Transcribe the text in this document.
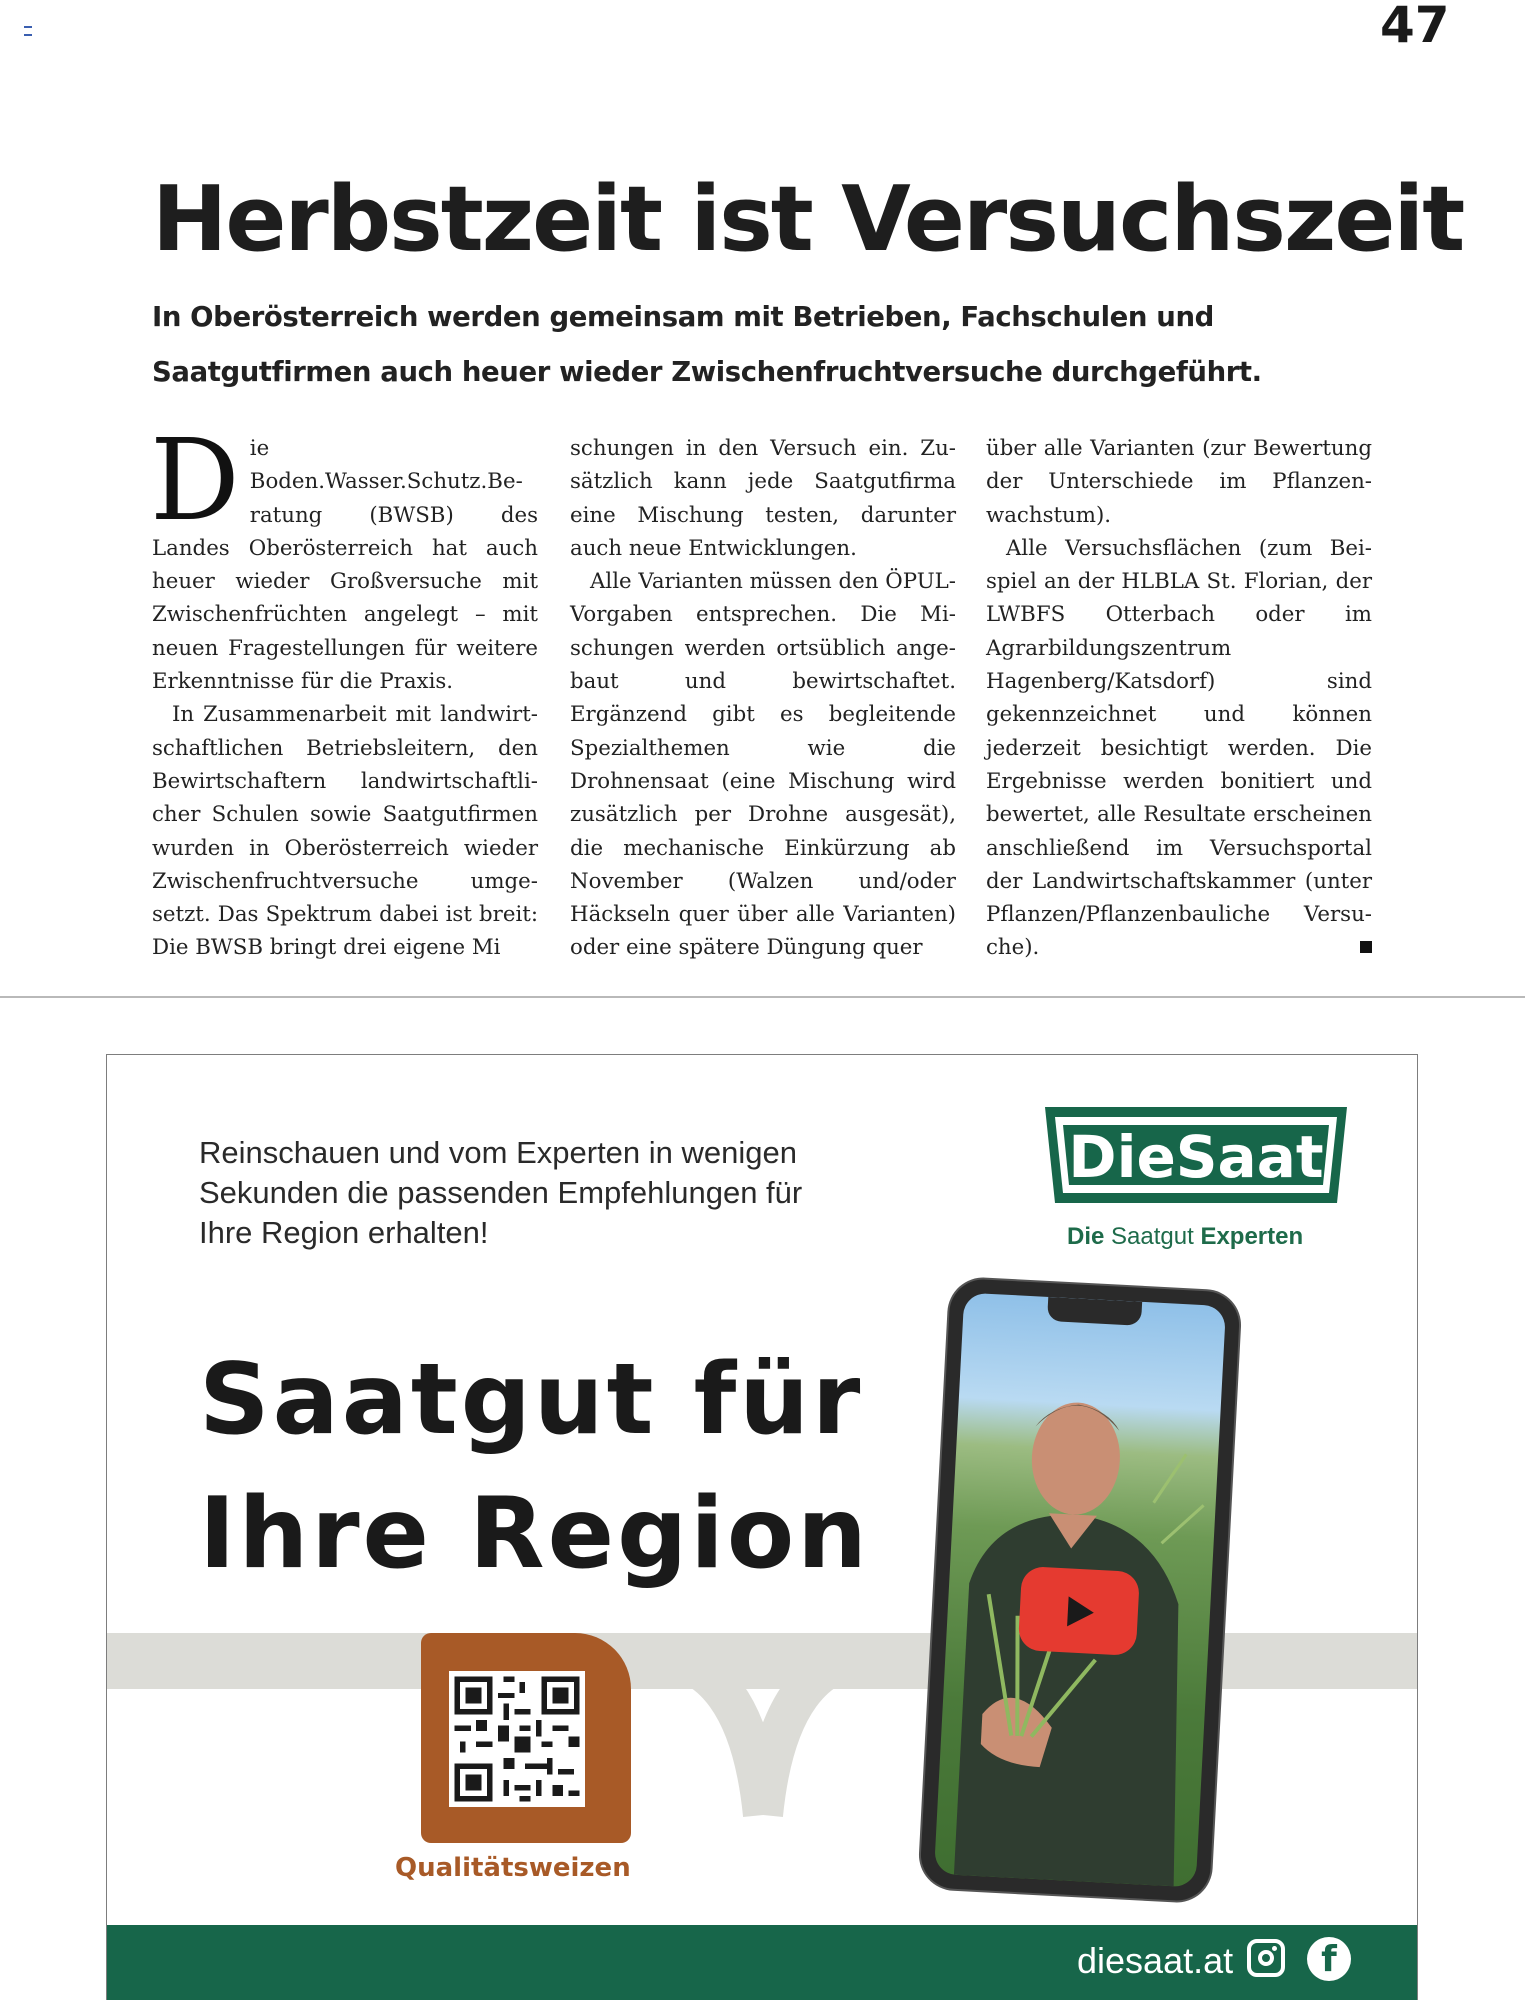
47
Herbstzeit ist Versuchszeit

In Oberösterreich werden gemeinsam mit Betrieben, Fachschulen und Saatgutfirmen auch heuer wieder Zwischenfruchtversuche durchgeführt.

Die Boden.Wasser.Schutz.Beratung (BWSB) des Landes Oberösterreich hat auch heuer wieder Großversuche mit Zwischenfrüchten angelegt – mit neuen Fragestellungen für weitere Erkenntnisse für die Praxis.

In Zusammenarbeit mit landwirtschaftlichen Betriebsleitern, den Bewirtschaftern landwirtschaftlicher Schulen sowie Saatgutfirmen wurden in Oberösterreich wieder Zwischenfruchtversuche umgesetzt. Das Spektrum dabei ist breit: Die BWSB bringt drei eigene Mi

schungen in den Versuch ein. Zusätzlich kann jede Saatgutfirma eine Mischung testen, darunter auch neue Entwicklungen.

Alle Varianten müssen den ÖPUL-Vorgaben entsprechen. Die Mischungen werden ortsüblich angebaut und bewirtschaftet. Ergänzend gibt es begleitende Spezialthemen wie die Drohnensaat (eine Mischung wird zusätzlich per Drohne ausgesät), die mechanische Einkürzung ab November (Walzen und/oder Häckseln quer über alle Varianten) oder eine spätere Düngung quer

über alle Varianten (zur Bewertung der Unterschiede im Pflanzenwachstum).

Alle Versuchsflächen (zum Beispiel an der HLBLA St. Florian, der LWBFS Otterbach oder im Agrarbildungszentrum Hagenberg/Katsdorf) sind gekennzeichnet und können jederzeit besichtigt werden. Die Ergebnisse werden bonitiert und bewertet, alle Resultate erscheinen anschließend im Versuchsportal der Landwirtschaftskammer (unter Pflanzen/Pflanzenbauliche Versuche).

Reinschauen und vom Experten in wenigen Sekunden die passenden Empfehlungen für Ihre Region erhalten!

Saatgut für
Ihre Region
DieSaat
Die Saatgut Experten
Qualitätsweizen
diesaat.at	f
